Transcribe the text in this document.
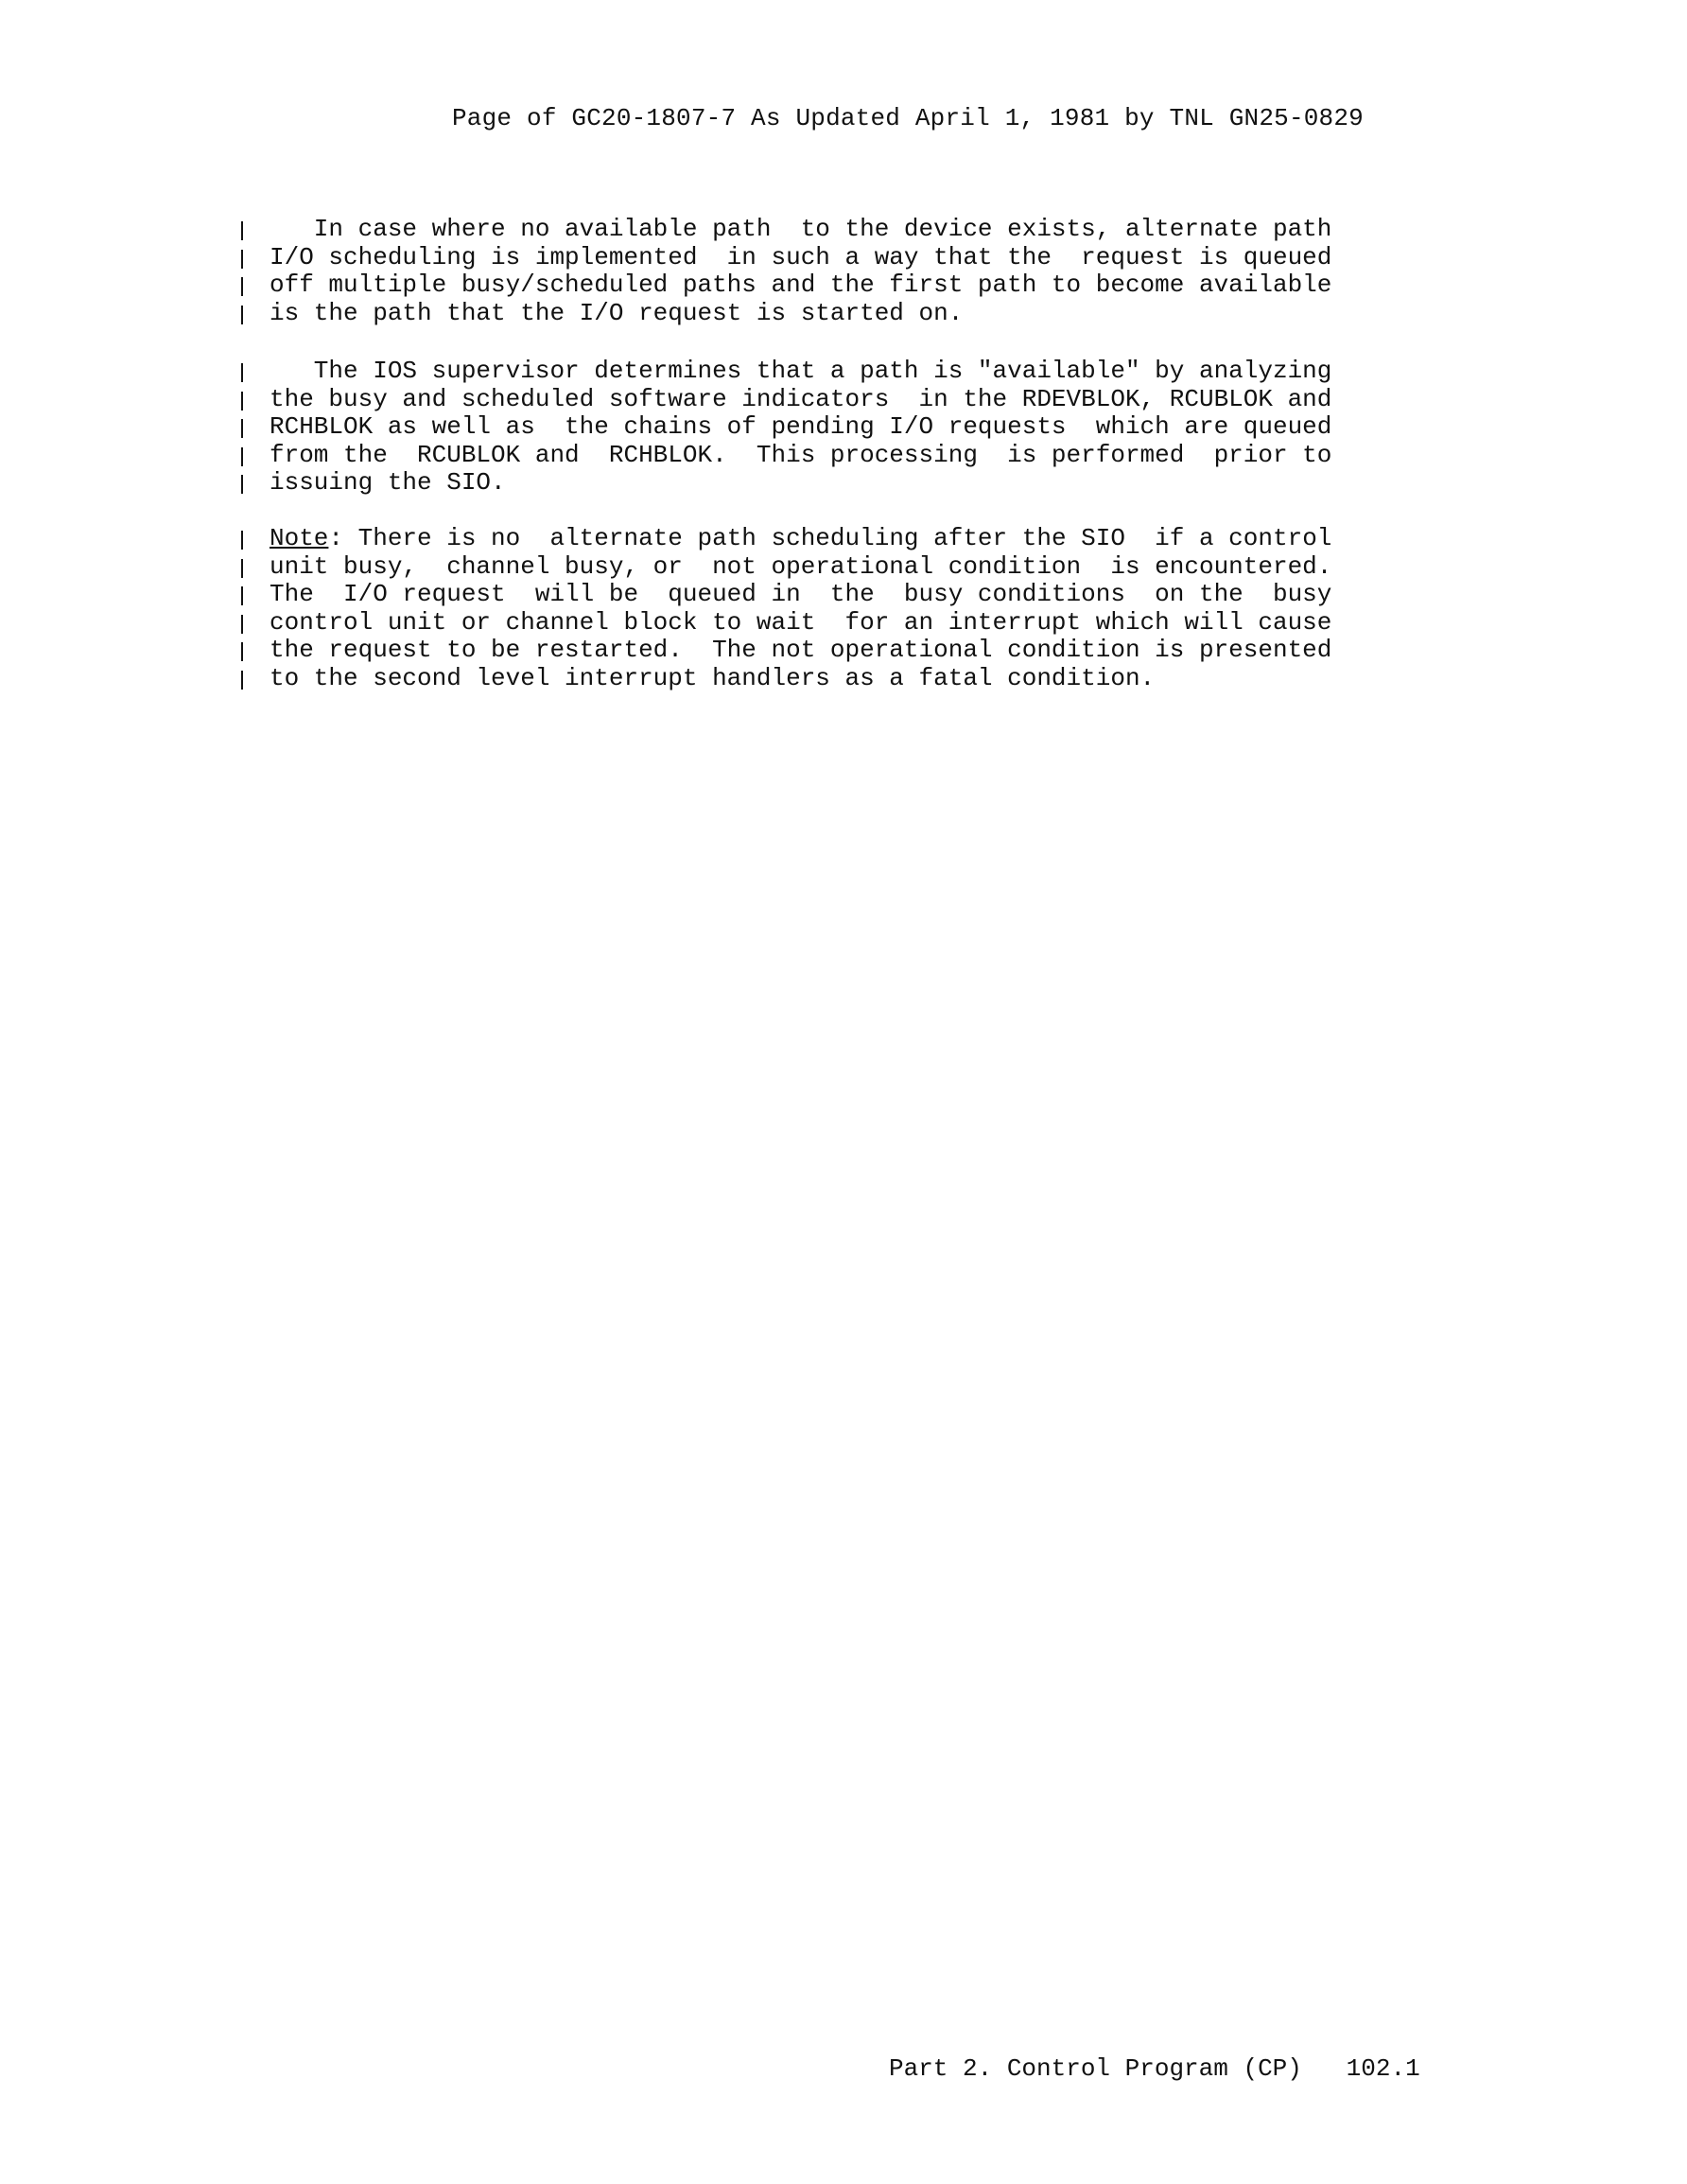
Page of GC20-1807-7 As Updated April 1, 1981 by TNL GN25-0829
In case where no available path  to the device exists, alternate path
I/O scheduling is implemented  in such a way that the  request is queued
off multiple busy/scheduled paths and the first path to become available
is the path that the I/O request is started on.
The IOS supervisor determines that a path is "available" by analyzing
the busy and scheduled software indicators  in the RDEVBLOK, RCUBLOK and
RCHBLOK as well as  the chains of pending I/O requests  which are queued
from the  RCUBLOK and  RCHBLOK.  This processing  is performed  prior to
issuing the SIO.
Note: There is no  alternate path scheduling after the SIO  if a control
unit busy,  channel busy, or  not operational condition  is encountered.
The  I/O request  will be  queued in  the  busy conditions  on the  busy
control unit or channel block to wait  for an interrupt which will cause
the request to be restarted.  The not operational condition is presented
to the second level interrupt handlers as a fatal condition.
Part 2. Control Program (CP)   102.1
